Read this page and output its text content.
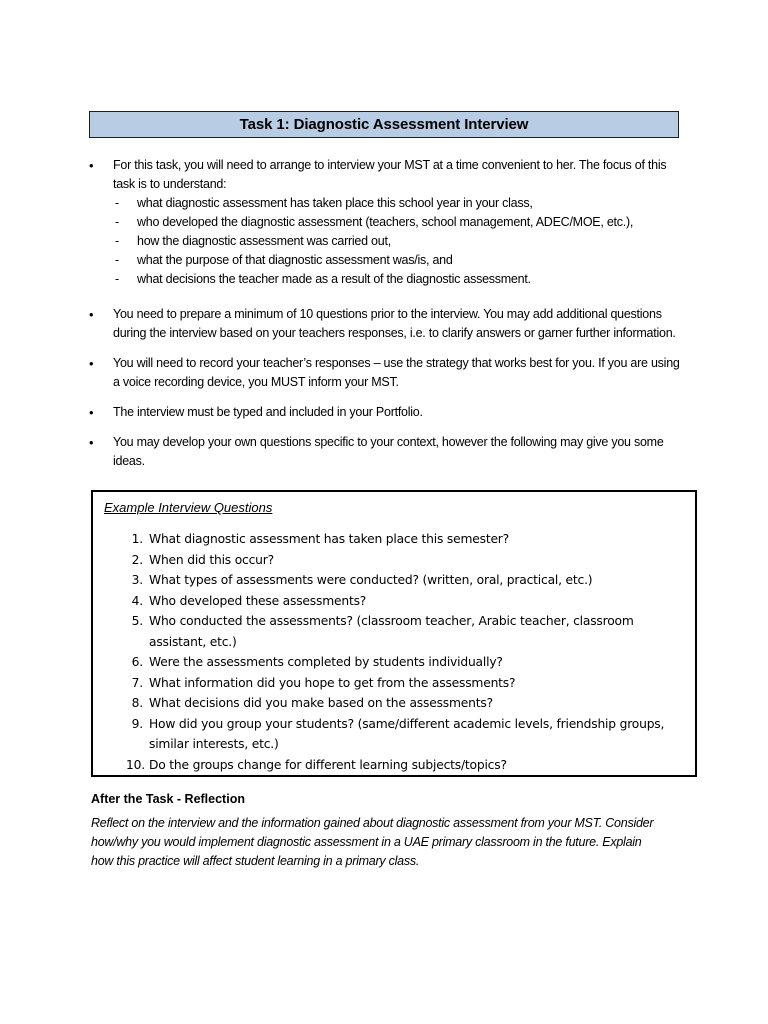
Task 1: Diagnostic Assessment Interview
• For this task, you will need to arrange to interview your MST at a time convenient to her. The focus of this task is to understand:
- what diagnostic assessment has taken place this school year in your class,
- who developed the diagnostic assessment (teachers, school management, ADEC/MOE, etc.),
- how the diagnostic assessment was carried out,
- what the purpose of that diagnostic assessment was/is, and
- what decisions the teacher made as a result of the diagnostic assessment.
• You need to prepare a minimum of 10 questions prior to the interview. You may add additional questions during the interview based on your teachers responses, i.e. to clarify answers or garner further information.
• You will need to record your teacher’s responses – use the strategy that works best for you. If you are using a voice recording device, you MUST inform your MST.
• The interview must be typed and included in your Portfolio.
• You may develop your own questions specific to your context, however the following may give you some ideas.
Example Interview Questions
1. What diagnostic assessment has taken place this semester?
2. When did this occur?
3. What types of assessments were conducted? (written, oral, practical, etc.)
4. Who developed these assessments?
5. Who conducted the assessments? (classroom teacher, Arabic teacher, classroom assistant, etc.)
6. Were the assessments completed by students individually?
7. What information did you hope to get from the assessments?
8. What decisions did you make based on the assessments?
9. How did you group your students? (same/different academic levels, friendship groups, similar interests, etc.)
10. Do the groups change for different learning subjects/topics?
After the Task - Reflection
Reflect on the interview and the information gained about diagnostic assessment from your MST. Consider how/why you would implement diagnostic assessment in a UAE primary classroom in the future. Explain how this practice will affect student learning in a primary class.
